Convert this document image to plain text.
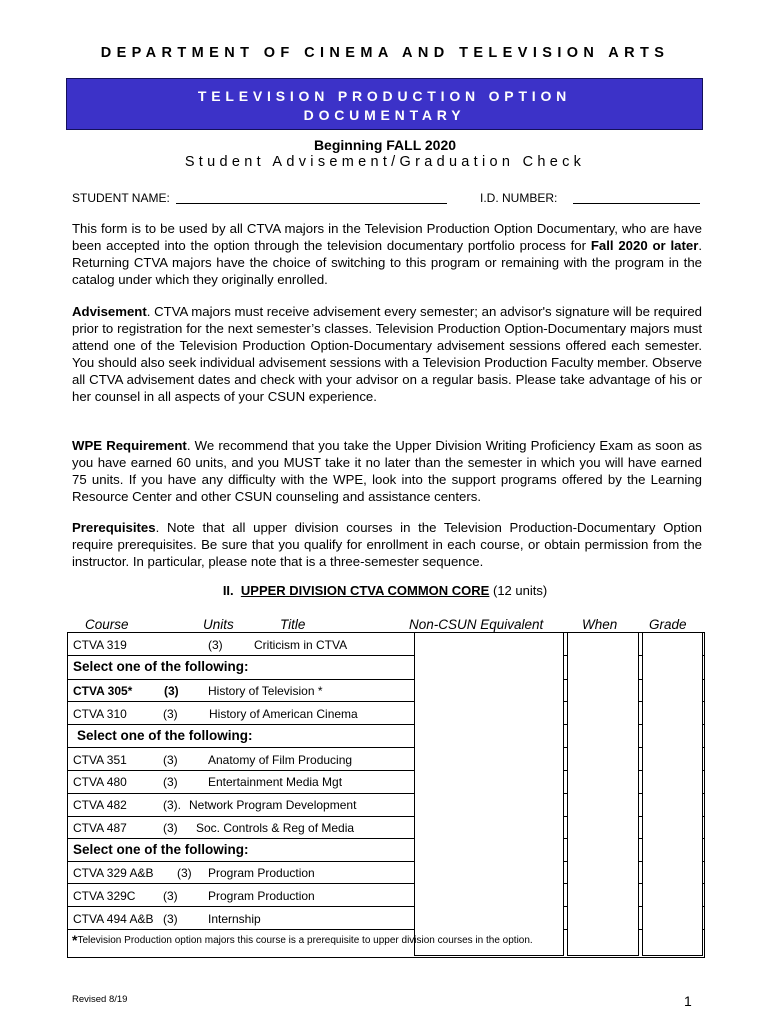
DEPARTMENT OF CINEMA AND TELEVISION ARTS
TELEVISION PRODUCTION OPTION
DOCUMENTARY
Beginning FALL 2020
Student Advisement/Graduation Check
STUDENT NAME:	I.D. NUMBER:
This form is to be used by all CTVA majors in the Television Production Option Documentary, who are have been accepted into the option through the television documentary portfolio process for Fall 2020 or later. Returning CTVA majors have the choice of switching to this program or remaining with the program in the catalog under which they originally enrolled.
Advisement. CTVA majors must receive advisement every semester; an advisor's signature will be required prior to registration for the next semester’s classes. Television Production Option-Documentary majors must attend one of the Television Production Option-Documentary advisement sessions offered each semester. You should also seek individual advisement sessions with a Television Production Faculty member. Observe all CTVA advisement dates and check with your advisor on a regular basis. Please take advantage of his or her counsel in all aspects of your CSUN experience.
WPE Requirement. We recommend that you take the Upper Division Writing Proficiency Exam as soon as you have earned 60 units, and you MUST take it no later than the semester in which you will have earned 75 units. If you have any difficulty with the WPE, look into the support programs offered by the Learning Resource Center and other CSUN counseling and assistance centers.
Prerequisites. Note that all upper division courses in the Television Production-Documentary Option require prerequisites. Be sure that you qualify for enrollment in each course, or obtain permission from the instructor. In particular, please note that is a three-semester sequence.
II. UPPER DIVISION CTVA COMMON CORE (12 units)
Course	Units	Title	Non-CSUN Equivalent	When Grade
CTVA 319	(3)	Criticism in CTVA
Select one of the following:
CTVA 305*	(3) History of Television *
CTVA 310	(3)	History of American Cinema
Select one of the following:
CTVA 351	(3)	Anatomy of Film Producing
CTVA 480	(3)	Entertainment Media Mgt
CTVA 482	(3). Network Program Development
CTVA 487	(3) Soc. Controls & Reg of Media
Select one of the following:
CTVA 329 A&B (3) Program Production
CTVA 329C (3)	Program Production
CTVA 494 A&B (3)	Internship
*Television Production option majors this course is a prerequisite to upper division courses in the option.
Revised 8/19	1
